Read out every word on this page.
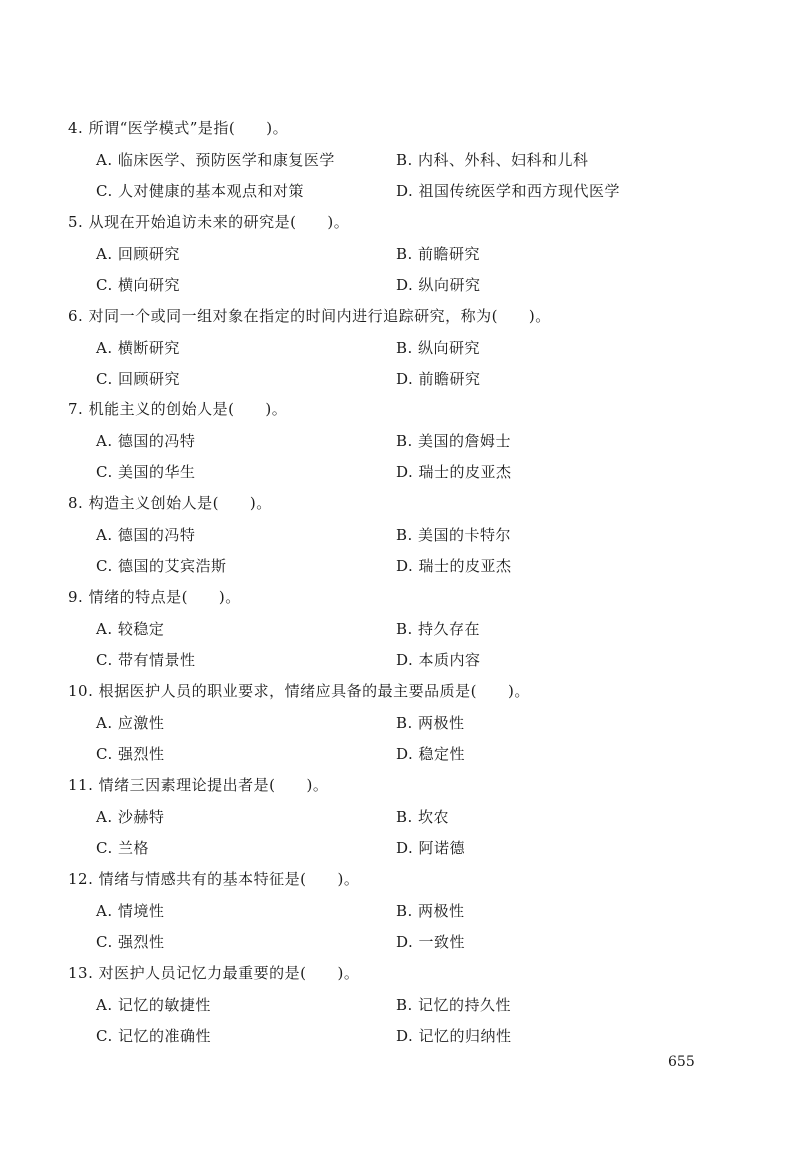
4. 所谓“医学模式”是指(　　)。
A. 临床医学、预防医学和康复医学	B. 内科、外科、妇科和儿科
C. 人对健康的基本观点和对策	D. 祖国传统医学和西方现代医学
5. 从现在开始追访未来的研究是(　　)。
A. 回顾研究	B. 前瞻研究
C. 横向研究	D. 纵向研究
6. 对同一个或同一组对象在指定的时间内进行追踪研究，称为(　　)。
A. 横断研究	B. 纵向研究
C. 回顾研究	D. 前瞻研究
7. 机能主义的创始人是(　　)。
A. 德国的冯特	B. 美国的詹姆士
C. 美国的华生	D. 瑞士的皮亚杰
8. 构造主义创始人是(　　)。
A. 德国的冯特	B. 美国的卡特尔
C. 德国的艾宾浩斯	D. 瑞士的皮亚杰
9. 情绪的特点是(　　)。
A. 较稳定	B. 持久存在
C. 带有情景性	D. 本质内容
10. 根据医护人员的职业要求，情绪应具备的最主要品质是(　　)。
A. 应激性	B. 两极性
C. 强烈性	D. 稳定性
11. 情绪三因素理论提出者是(　　)。
A. 沙赫特	B. 坎农
C. 兰格	D. 阿诺德
12. 情绪与情感共有的基本特征是(　　)。
A. 情境性	B. 两极性
C. 强烈性	D. 一致性
13. 对医护人员记忆力最重要的是(　　)。
A. 记忆的敏捷性	B. 记忆的持久性
C. 记忆的准确性	D. 记忆的归纳性
655
